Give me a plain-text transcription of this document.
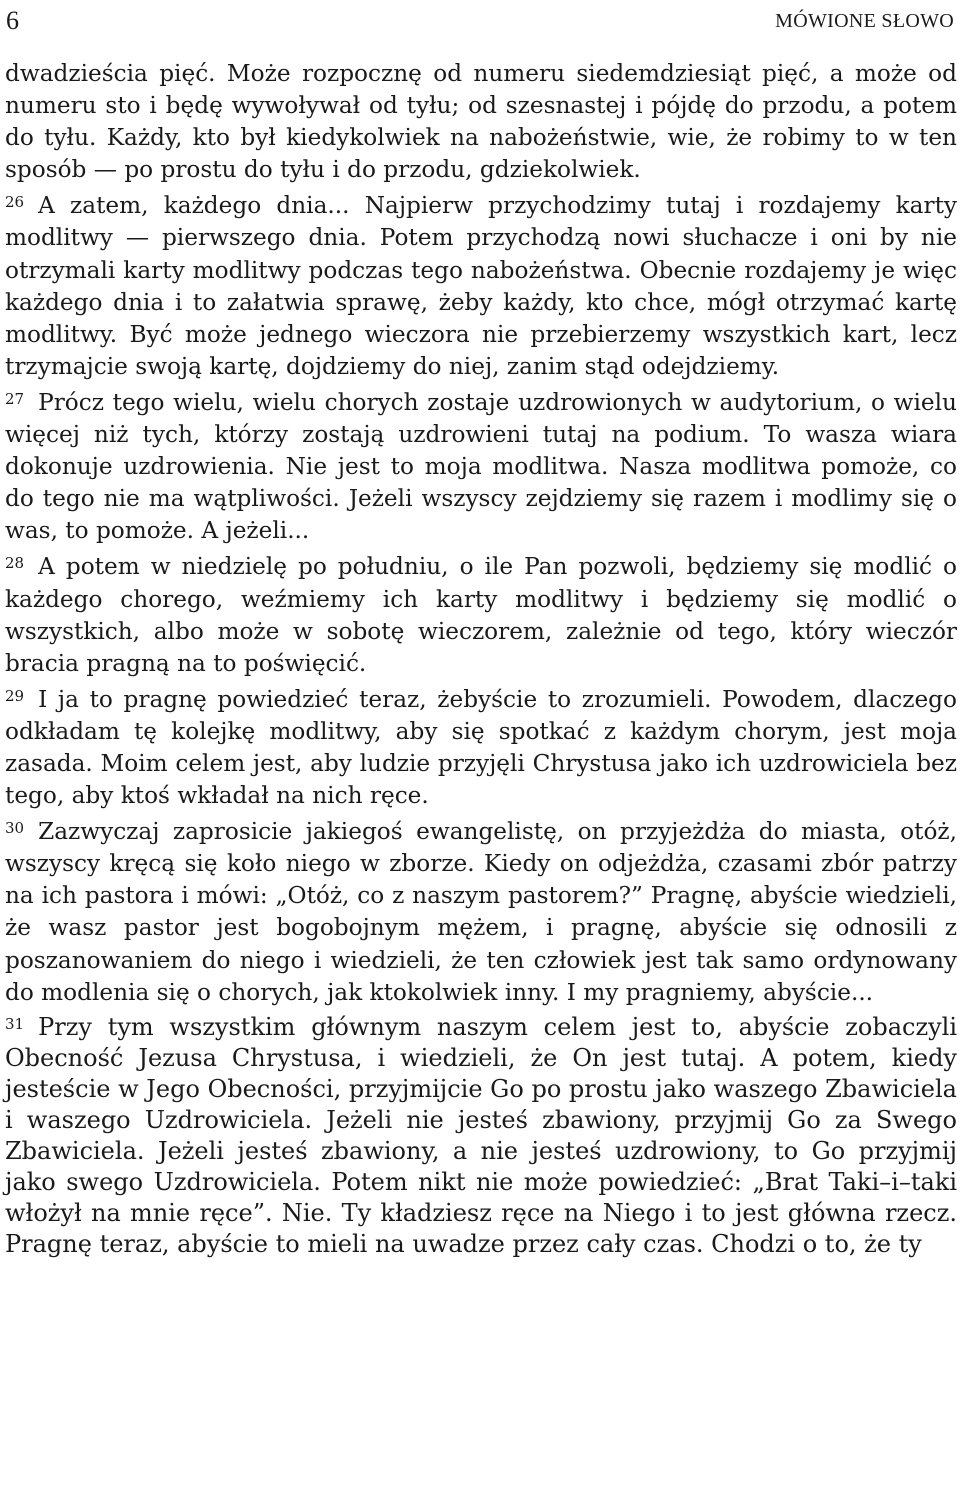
6	MÓWIONE SŁOWO

dwadzieścia pięć. Może rozpocznę od numeru siedemdziesiąt pięć, a może od numeru sto i będę wywoływał od tyłu; od szesnastej i pójdę do przodu, a potem do tyłu. Każdy, kto był kiedykolwiek na nabożeństwie, wie, że robimy to w ten sposób — po prostu do tyłu i do przodu, gdziekolwiek.

$^{26}$ A zatem, każdego dnia... Najpierw przychodzimy tutaj i rozdajemy karty modlitwy — pierwszego dnia. Potem przychodzą nowi słuchacze i oni by nie otrzymali karty modlitwy podczas tego nabożeństwa. Obecnie rozdajemy je więc każdego dnia i to załatwia sprawę, żeby każdy, kto chce, mógł otrzymać kartę modlitwy. Być może jednego wieczora nie przebierzemy wszystkich kart, lecz trzymajcie swoją kartę, dojdziemy do niej, zanim stąd odejdziemy.

$^{27}$ Prócz tego wielu, wielu chorych zostaje uzdrowionych w audytorium, o wielu więcej niż tych, którzy zostają uzdrowieni tutaj na podium. To wasza wiara dokonuje uzdrowienia. Nie jest to moja modlitwa. Nasza modlitwa pomoże, co do tego nie ma wątpliwości. Jeżeli wszyscy zejdziemy się razem i modlimy się o was, to pomoże. A jeżeli...

$^{28}$ A potem w niedzielę po południu, o ile Pan pozwoli, będziemy się modlić o każdego chorego, weźmiemy ich karty modlitwy i będziemy się modlić o wszystkich, albo może w sobotę wieczorem, zależnie od tego, który wieczór bracia pragną na to poświęcić.

$^{29}$ I ja to pragnę powiedzieć teraz, żebyście to zrozumieli. Powodem, dlaczego odkładam tę kolejkę modlitwy, aby się spotkać z każdym chorym, jest moja zasada. Moim celem jest, aby ludzie przyjęli Chrystusa jako ich uzdrowiciela bez tego, aby ktoś wkładał na nich ręce.

$^{30}$ Zazwyczaj zaprosicie jakiegoś ewangelistę, on przyjeżdża do miasta, otóż, wszyscy kręcą się koło niego w zborze. Kiedy on odjeżdża, czasami zbór patrzy na ich pastora i mówi: „Otóż, co z naszym pastorem?” Pragnę, abyście wiedzieli, że wasz pastor jest bogobojnym mężem, i pragnę, abyście się odnosili z poszanowaniem do niego i wiedzieli, że ten człowiek jest tak samo ordynowany do modlenia się o chorych, jak ktokolwiek inny. I my pragniemy, abyście...

$^{31}$ Przy tym wszystkim głównym naszym celem jest to, abyście zobaczyli Obecność Jezusa Chrystusa, i wiedzieli, że On jest tutaj. A potem, kiedy jesteście w Jego Obecności, przyjmijcie Go po prostu jako waszego Zbawiciela i waszego Uzdrowiciela. Jeżeli nie jesteś zbawiony, przyjmij Go za Swego Zbawiciela. Jeżeli jesteś zbawiony, a nie jesteś uzdrowiony, to Go przyjmij jako swego Uzdrowiciela. Potem nikt nie może powiedzieć: „Brat Taki–i–taki włożył na mnie ręce”. Nie. Ty kładziesz ręce na Niego i to jest główna rzecz. Pragnę teraz, abyście to mieli na uwadze przez cały czas. Chodzi o to, że ty
